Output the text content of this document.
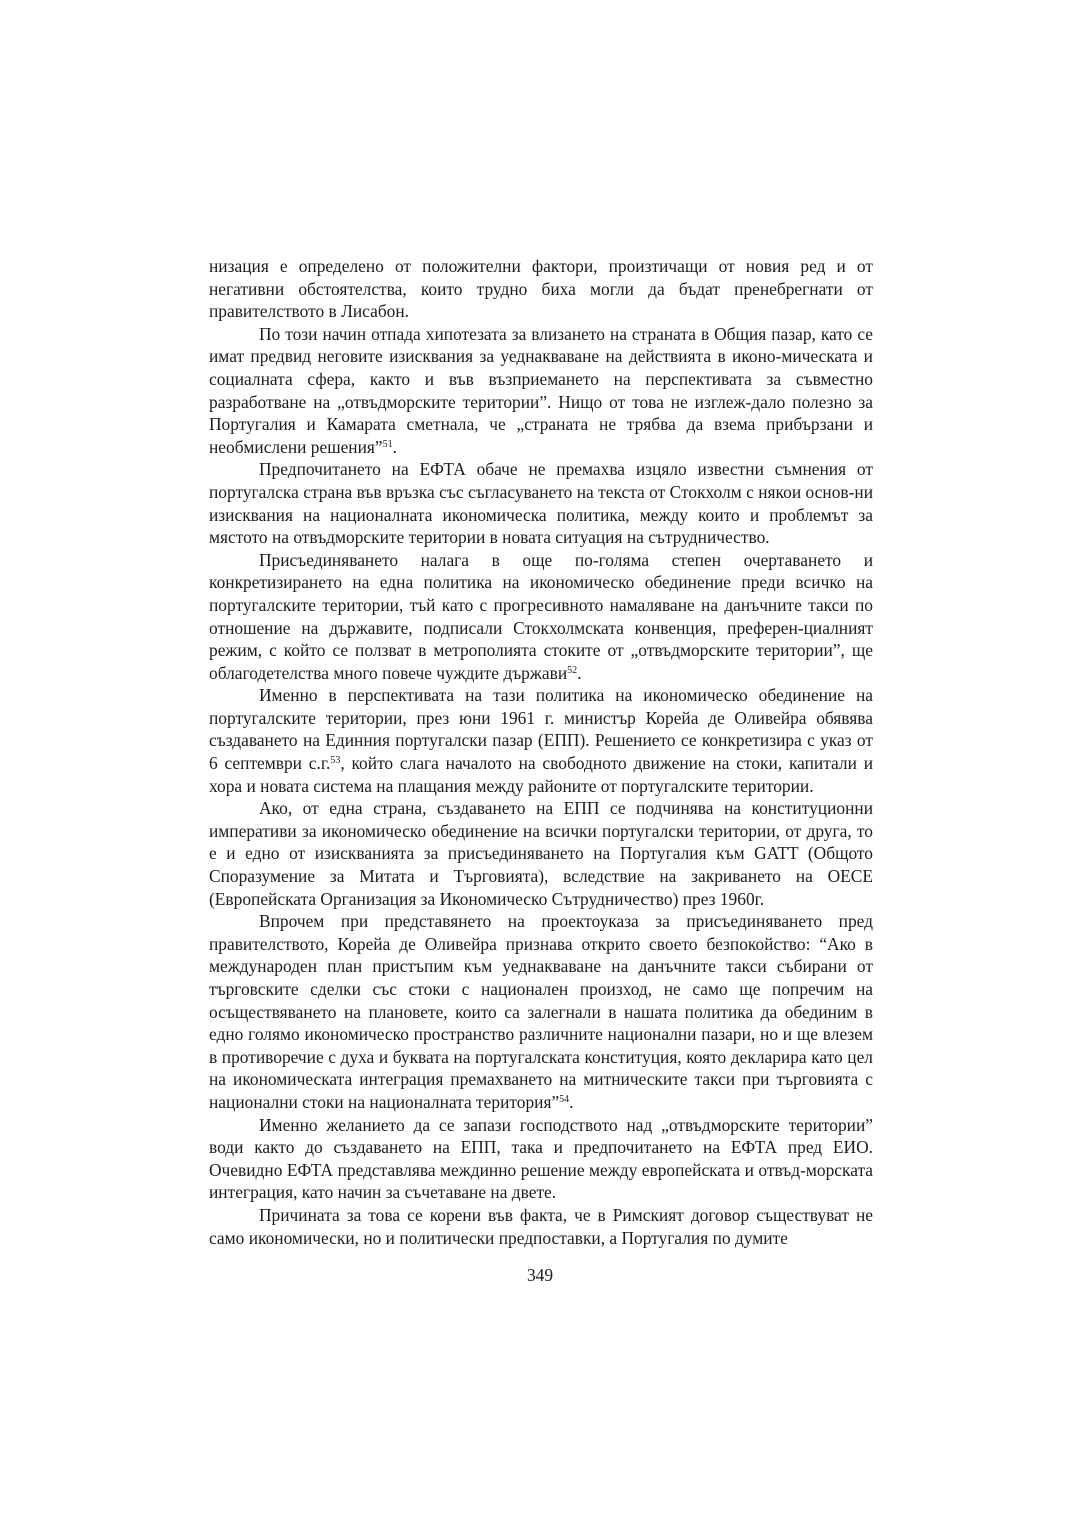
низация е определено от положителни фактори, произтичащи от новия ред и от негативни обстоятелства, които трудно биха могли да бъдат пренебрегнати от правителството в Лисабон.

По този начин отпада хипотезата за влизането на страната в Общия пазар, като се имат предвид неговите изисквания за уеднакваване на действията в иконо-мическата и социалната сфера, както и във възприемането на перспективата за съвместно разработване на „отвъдморските територии”. Нищо от това не изглеж-дало полезно за Португалия и Камарата сметнала, че „страната не трябва да взема прибързани и необмислени решения”$^{51}$.

Предпочитането на ЕФТА обаче не премахва изцяло известни съмнения от португалска страна във връзка със съгласуването на текста от Стокхолм с някои основ-ни изисквания на националната икономическа политика, между които и проблемът за мястото на отвъдморските територии в новата ситуация на сътрудничество.

Присъединяването налага в още по-голяма степен очертаването и конкретизирането на една политика на икономическо обединение преди всичко на португалските територии, тъй като с прогресивното намаляване на данъчните такси по отношение на държавите, подписали Стокхолмската конвенция, преферен-циалният режим, с който се ползват в метрополията стоките от „отвъдморските територии”, ще облагодетелства много повече чуждите държави$^{52}$.

Именно в перспективата на тази политика на икономическо обединение на португалските територии, през юни 1961 г. министър Корейа де Оливейра обявява създаването на Единния португалски пазар (ЕПП). Решението се конкретизира с указ от 6 септември с.г.$^{53}$, който слага началото на свободното движение на стоки, капитали и хора и новата система на плащания между районите от португалските територии.

Ако, от една страна, създаването на ЕПП се подчинява на конституционни императиви за икономическо обединение на всички португалски територии, от друга, то е и едно от изискванията за присъединяването на Португалия към GATT (Общото Споразумение за Митата и Търговията), вследствие на закриването на ОЕСЕ (Европейската Организация за Икономическо Сътрудничество) през 1960г.

Впрочем при представянето на проектоуказа за присъединяването пред правителството, Корейа де Оливейра признава открито своето безпокойство: “Ако в международен план пристъпим към уеднакваване на данъчните такси събирани от търговските сделки със стоки с национален произход, не само ще попречим на осъществяването на плановете, които са залегнали в нашата политика да обединим в едно голямо икономическо пространство различните национални пазари, но и ще влезем в противоречие с духа и буквата на португалската конституция, която декларира като цел на икономическата интеграция премахването на митническите такси при търговията с национални стоки на националната територия”$^{54}$.

Именно желанието да се запази господството над „отвъдморските територии” води както до създаването на ЕПП, така и предпочитането на ЕФТА пред ЕИО. Очевидно ЕФТА представлява междинно решение между европейската и отвъд-морската интеграция, като начин за съчетаване на двете.

Причината за това се корени във факта, че в Римският договор съществуват не само икономически, но и политически предпоставки, а Португалия по думите

349
